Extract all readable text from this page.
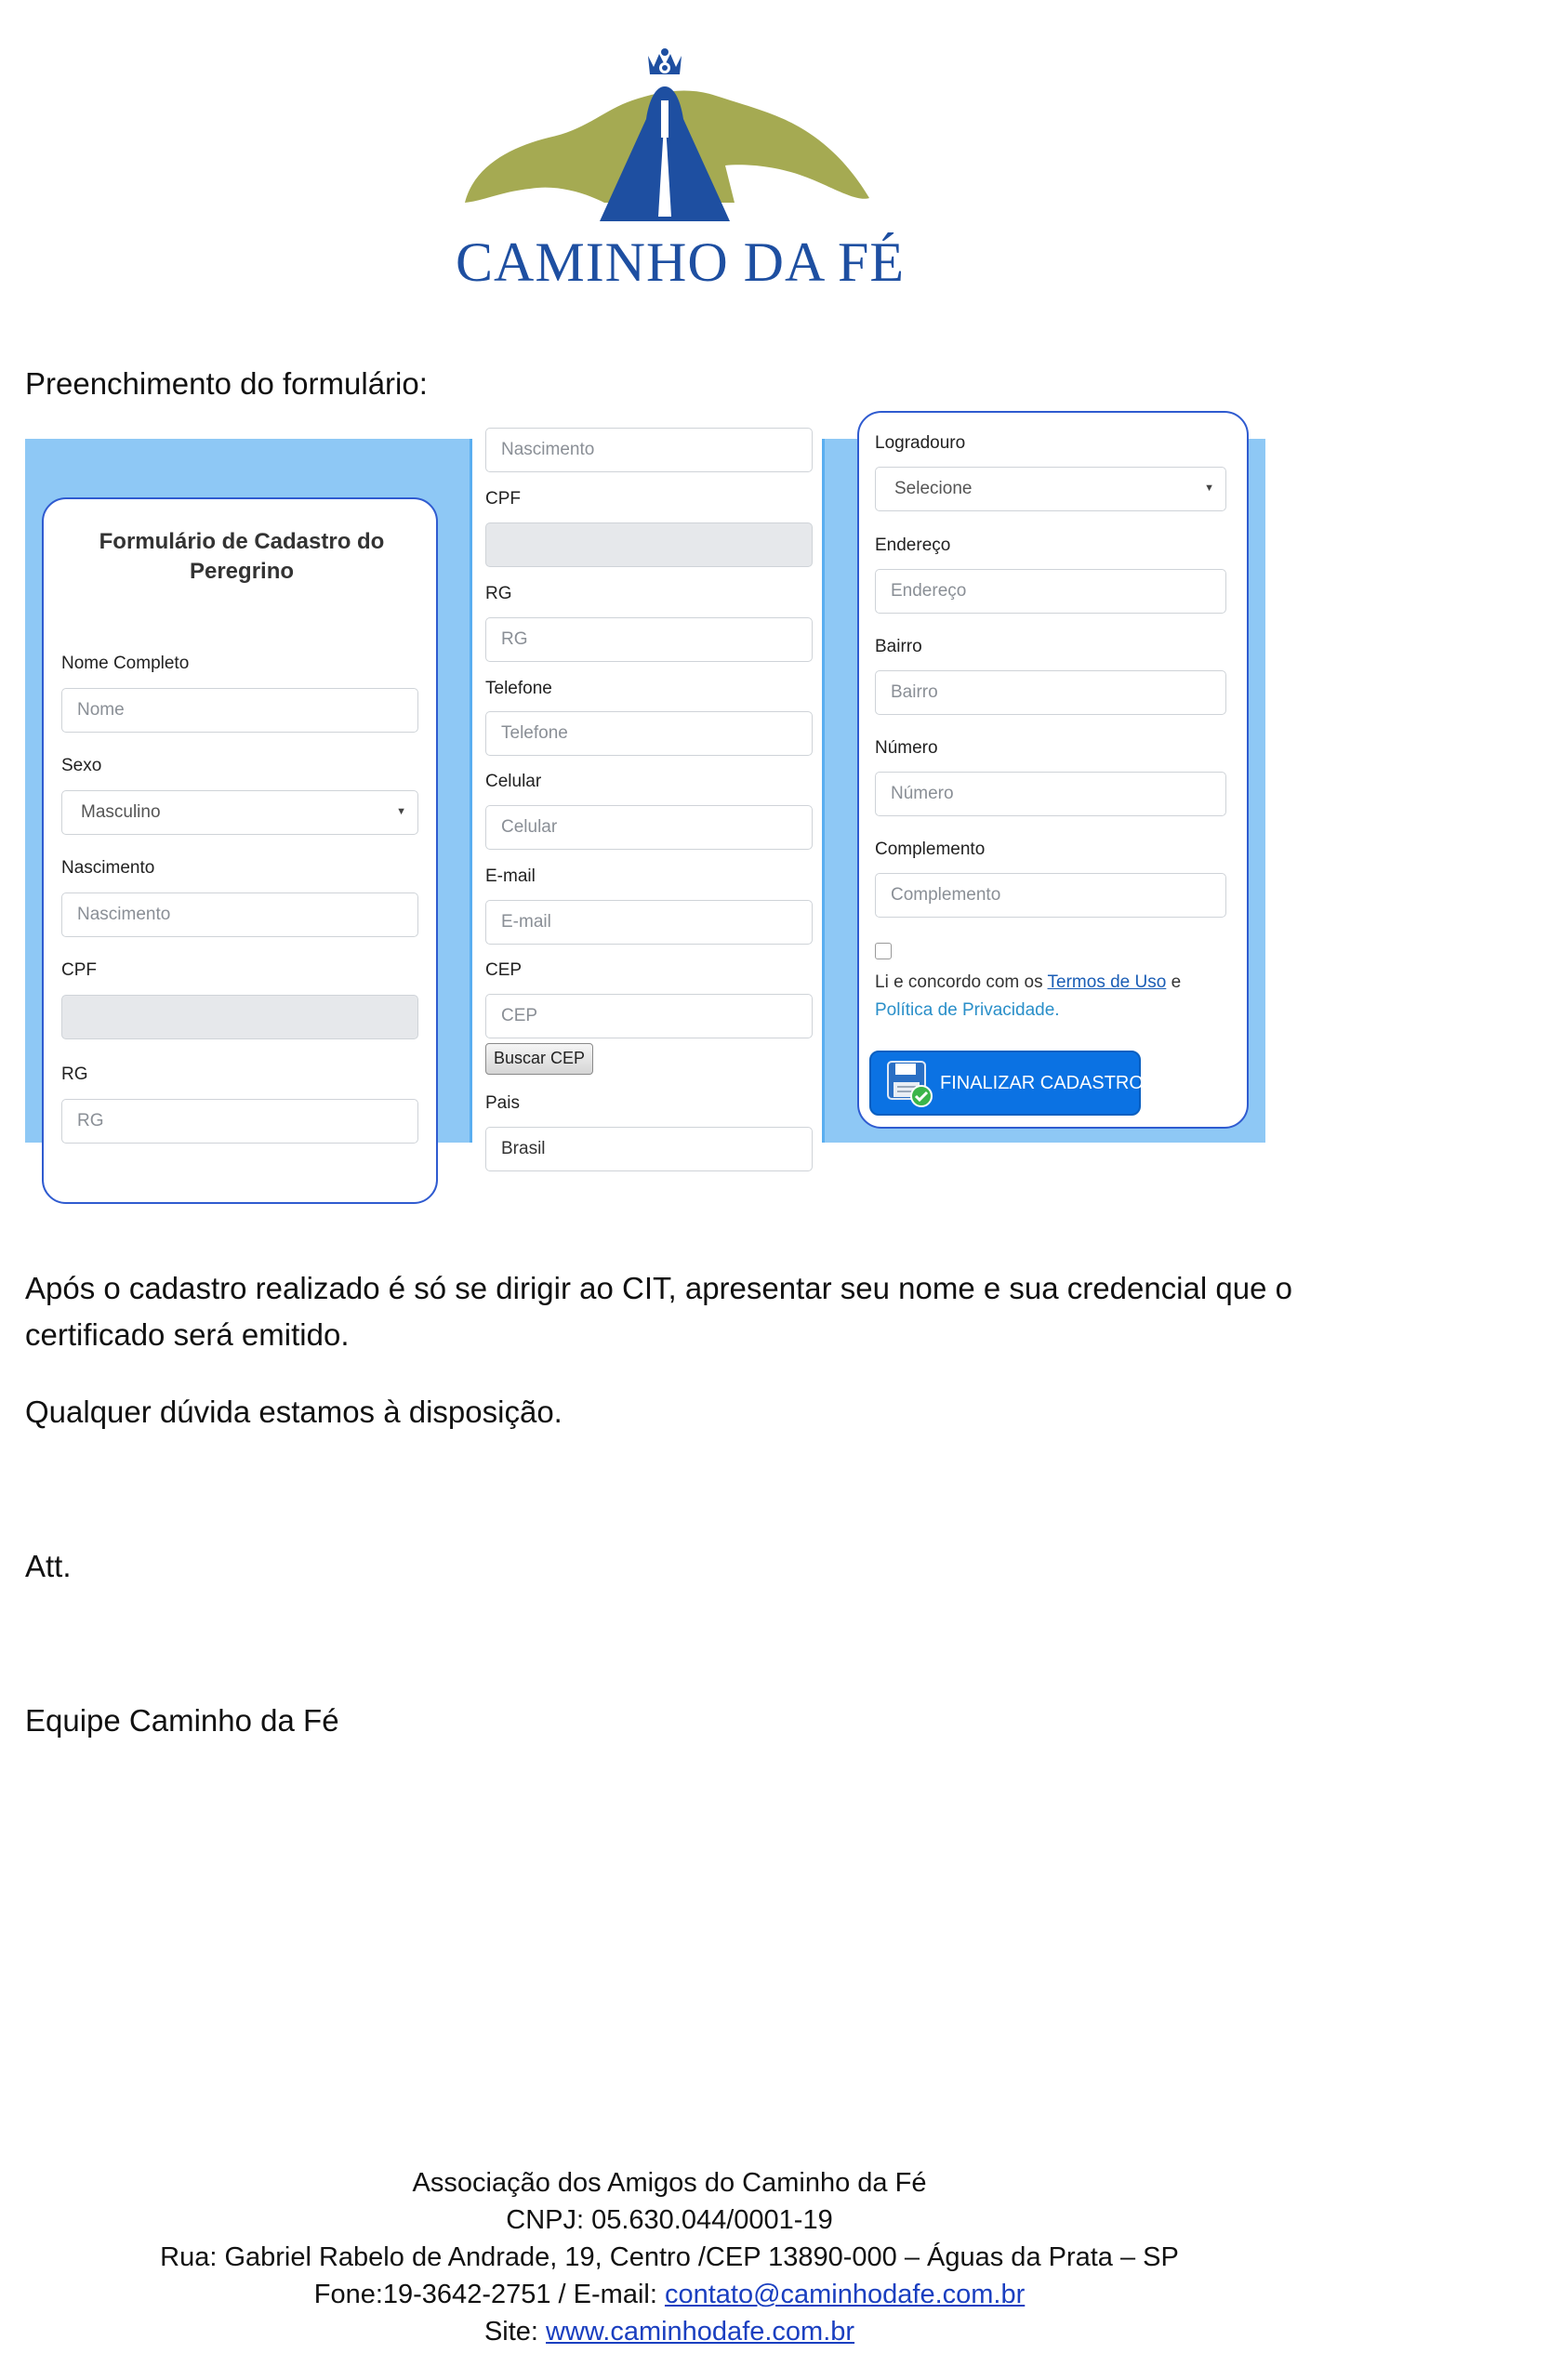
CAMINHO DA FÉ
Preenchimento do formulário:
Formulário de Cadastro do Peregrino
Nome Completo
Nome
Sexo
Masculino	▼
Nascimento
Nascimento
CPF
RG
RG
Nascimento
CPF
RG
RG
Telefone
Telefone
Celular
Celular
E-mail
E-mail
CEP
CEP
Buscar CEP
Pais
Brasil
Logradouro
Selecione	▼
Endereço
Endereço
Bairro
Bairro
Número
Número
Complemento
Complemento
Li e concordo com os Termos de Uso e
Política de Privacidade.
FINALIZAR CADASTRO
Após o cadastro realizado é só se dirigir ao CIT, apresentar seu nome e sua credencial que o
certificado será emitido.
Qualquer dúvida estamos à disposição.
Att.
Equipe Caminho da Fé
Associação dos Amigos do Caminho da Fé
CNPJ: 05.630.044/0001-19
Rua: Gabriel Rabelo de Andrade, 19, Centro /CEP 13890-000 – Águas da Prata – SP
Fone:19-3642-2751 / E-mail: contato@caminhodafe.com.br
Site: www.caminhodafe.com.br
